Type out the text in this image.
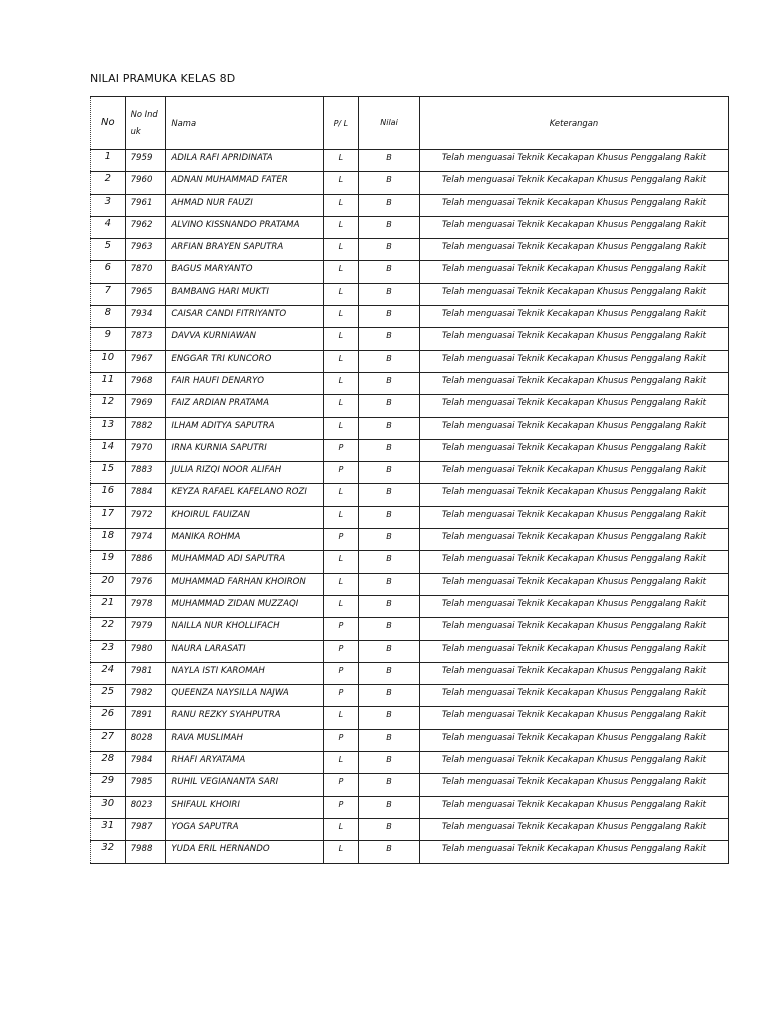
NILAI PRAMUKA KELAS 8D
No	No Induk	Nama	P/ L	Nilai	Keterangan
1	7959	ADILA RAFI APRIDINATA	L	B	Telah menguasai Teknik Kecakapan Khusus Penggalang Rakit
2	7960	ADNAN MUHAMMAD FATER	L	B	Telah menguasai Teknik Kecakapan Khusus Penggalang Rakit
3	7961	AHMAD NUR FAUZI	L	B	Telah menguasai Teknik Kecakapan Khusus Penggalang Rakit
4	7962	ALVINO KISSNANDO PRATAMA	L	B	Telah menguasai Teknik Kecakapan Khusus Penggalang Rakit
5	7963	ARFIAN BRAYEN SAPUTRA	L	B	Telah menguasai Teknik Kecakapan Khusus Penggalang Rakit
6	7870	BAGUS MARYANTO	L	B	Telah menguasai Teknik Kecakapan Khusus Penggalang Rakit
7	7965	BAMBANG HARI MUKTI	L	B	Telah menguasai Teknik Kecakapan Khusus Penggalang Rakit
8	7934	CAISAR CANDI FITRIYANTO	L	B	Telah menguasai Teknik Kecakapan Khusus Penggalang Rakit
9	7873	DAVVA KURNIAWAN	L	B	Telah menguasai Teknik Kecakapan Khusus Penggalang Rakit
10	7967	ENGGAR TRI KUNCORO	L	B	Telah menguasai Teknik Kecakapan Khusus Penggalang Rakit
11	7968	FAIR HAUFI DENARYO	L	B	Telah menguasai Teknik Kecakapan Khusus Penggalang Rakit
12	7969	FAIZ ARDIAN PRATAMA	L	B	Telah menguasai Teknik Kecakapan Khusus Penggalang Rakit
13	7882	ILHAM ADITYA SAPUTRA	L	B	Telah menguasai Teknik Kecakapan Khusus Penggalang Rakit
14	7970	IRNA KURNIA SAPUTRI	P	B	Telah menguasai Teknik Kecakapan Khusus Penggalang Rakit
15	7883	JULIA RIZQI NOOR ALIFAH	P	B	Telah menguasai Teknik Kecakapan Khusus Penggalang Rakit
16	7884	KEYZA RAFAEL KAFELANO ROZI	L	B	Telah menguasai Teknik Kecakapan Khusus Penggalang Rakit
17	7972	KHOIRUL FAUIZAN	L	B	Telah menguasai Teknik Kecakapan Khusus Penggalang Rakit
18	7974	MANIKA ROHMA	P	B	Telah menguasai Teknik Kecakapan Khusus Penggalang Rakit
19	7886	MUHAMMAD ADI SAPUTRA	L	B	Telah menguasai Teknik Kecakapan Khusus Penggalang Rakit
20	7976	MUHAMMAD FARHAN KHOIRON	L	B	Telah menguasai Teknik Kecakapan Khusus Penggalang Rakit
21	7978	MUHAMMAD ZIDAN MUZZAQI	L	B	Telah menguasai Teknik Kecakapan Khusus Penggalang Rakit
22	7979	NAILLA NUR KHOLLIFACH	P	B	Telah menguasai Teknik Kecakapan Khusus Penggalang Rakit
23	7980	NAURA LARASATI	P	B	Telah menguasai Teknik Kecakapan Khusus Penggalang Rakit
24	7981	NAYLA ISTI KAROMAH	P	B	Telah menguasai Teknik Kecakapan Khusus Penggalang Rakit
25	7982	QUEENZA NAYSILLA NAJWA	P	B	Telah menguasai Teknik Kecakapan Khusus Penggalang Rakit
26	7891	RANU REZKY SYAHPUTRA	L	B	Telah menguasai Teknik Kecakapan Khusus Penggalang Rakit
27	8028	RAVA MUSLIMAH	P	B	Telah menguasai Teknik Kecakapan Khusus Penggalang Rakit
28	7984	RHAFI ARYATAMA	L	B	Telah menguasai Teknik Kecakapan Khusus Penggalang Rakit
29	7985	RUHIL VEGIANANTA SARI	P	B	Telah menguasai Teknik Kecakapan Khusus Penggalang Rakit
30	8023	SHIFAUL KHOIRI	P	B	Telah menguasai Teknik Kecakapan Khusus Penggalang Rakit
31	7987	YOGA SAPUTRA	L	B	Telah menguasai Teknik Kecakapan Khusus Penggalang Rakit
32	7988	YUDA ERIL HERNANDO	L	B	Telah menguasai Teknik Kecakapan Khusus Penggalang Rakit
